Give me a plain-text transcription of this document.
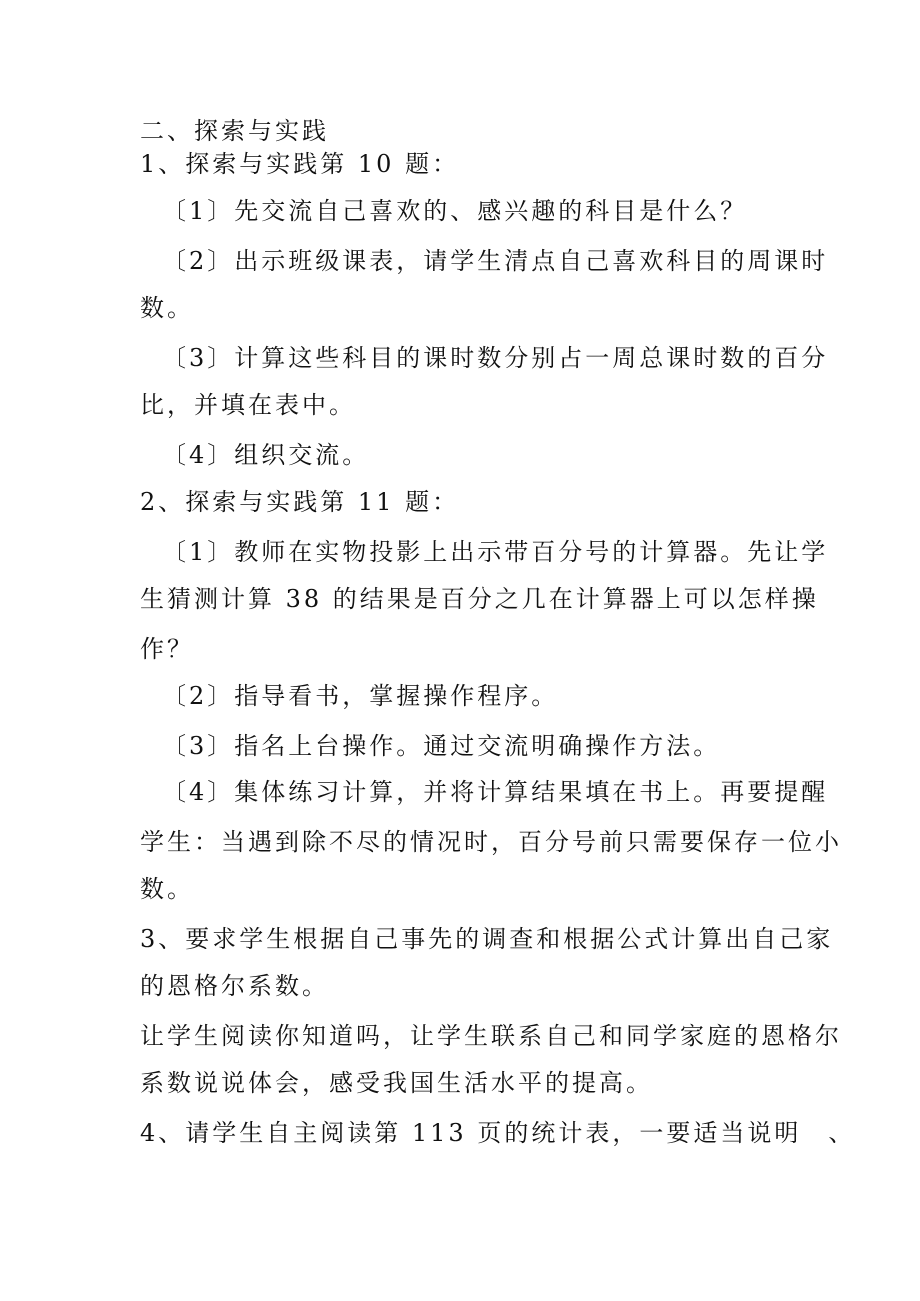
二、探索与实践
1、探索与实践第 10 题：
〔1〕先交流自己喜欢的、感兴趣的科目是什么？
〔2〕出示班级课表，请学生清点自己喜欢科目的周课时
数。
〔3〕计算这些科目的课时数分别占一周总课时数的百分
比，并填在表中。
〔4〕组织交流。
2、探索与实践第 11 题：
〔1〕教师在实物投影上出示带百分号的计算器。先让学
生猜测计算 38 的结果是百分之几在计算器上可以怎样操
作？
〔2〕指导看书，掌握操作程序。
〔3〕指名上台操作。通过交流明确操作方法。
〔4〕集体练习计算，并将计算结果填在书上。再要提醒
学生：当遇到除不尽的情况时，百分号前只需要保存一位小
数。
3、要求学生根据自己事先的调查和根据公式计算出自己家
的恩格尔系数。
让学生阅读你知道吗，让学生联系自己和同学家庭的恩格尔
系数说说体会，感受我国生活水平的提高。
4、请学生自主阅读第 113 页的统计表，一要适当说明　、
